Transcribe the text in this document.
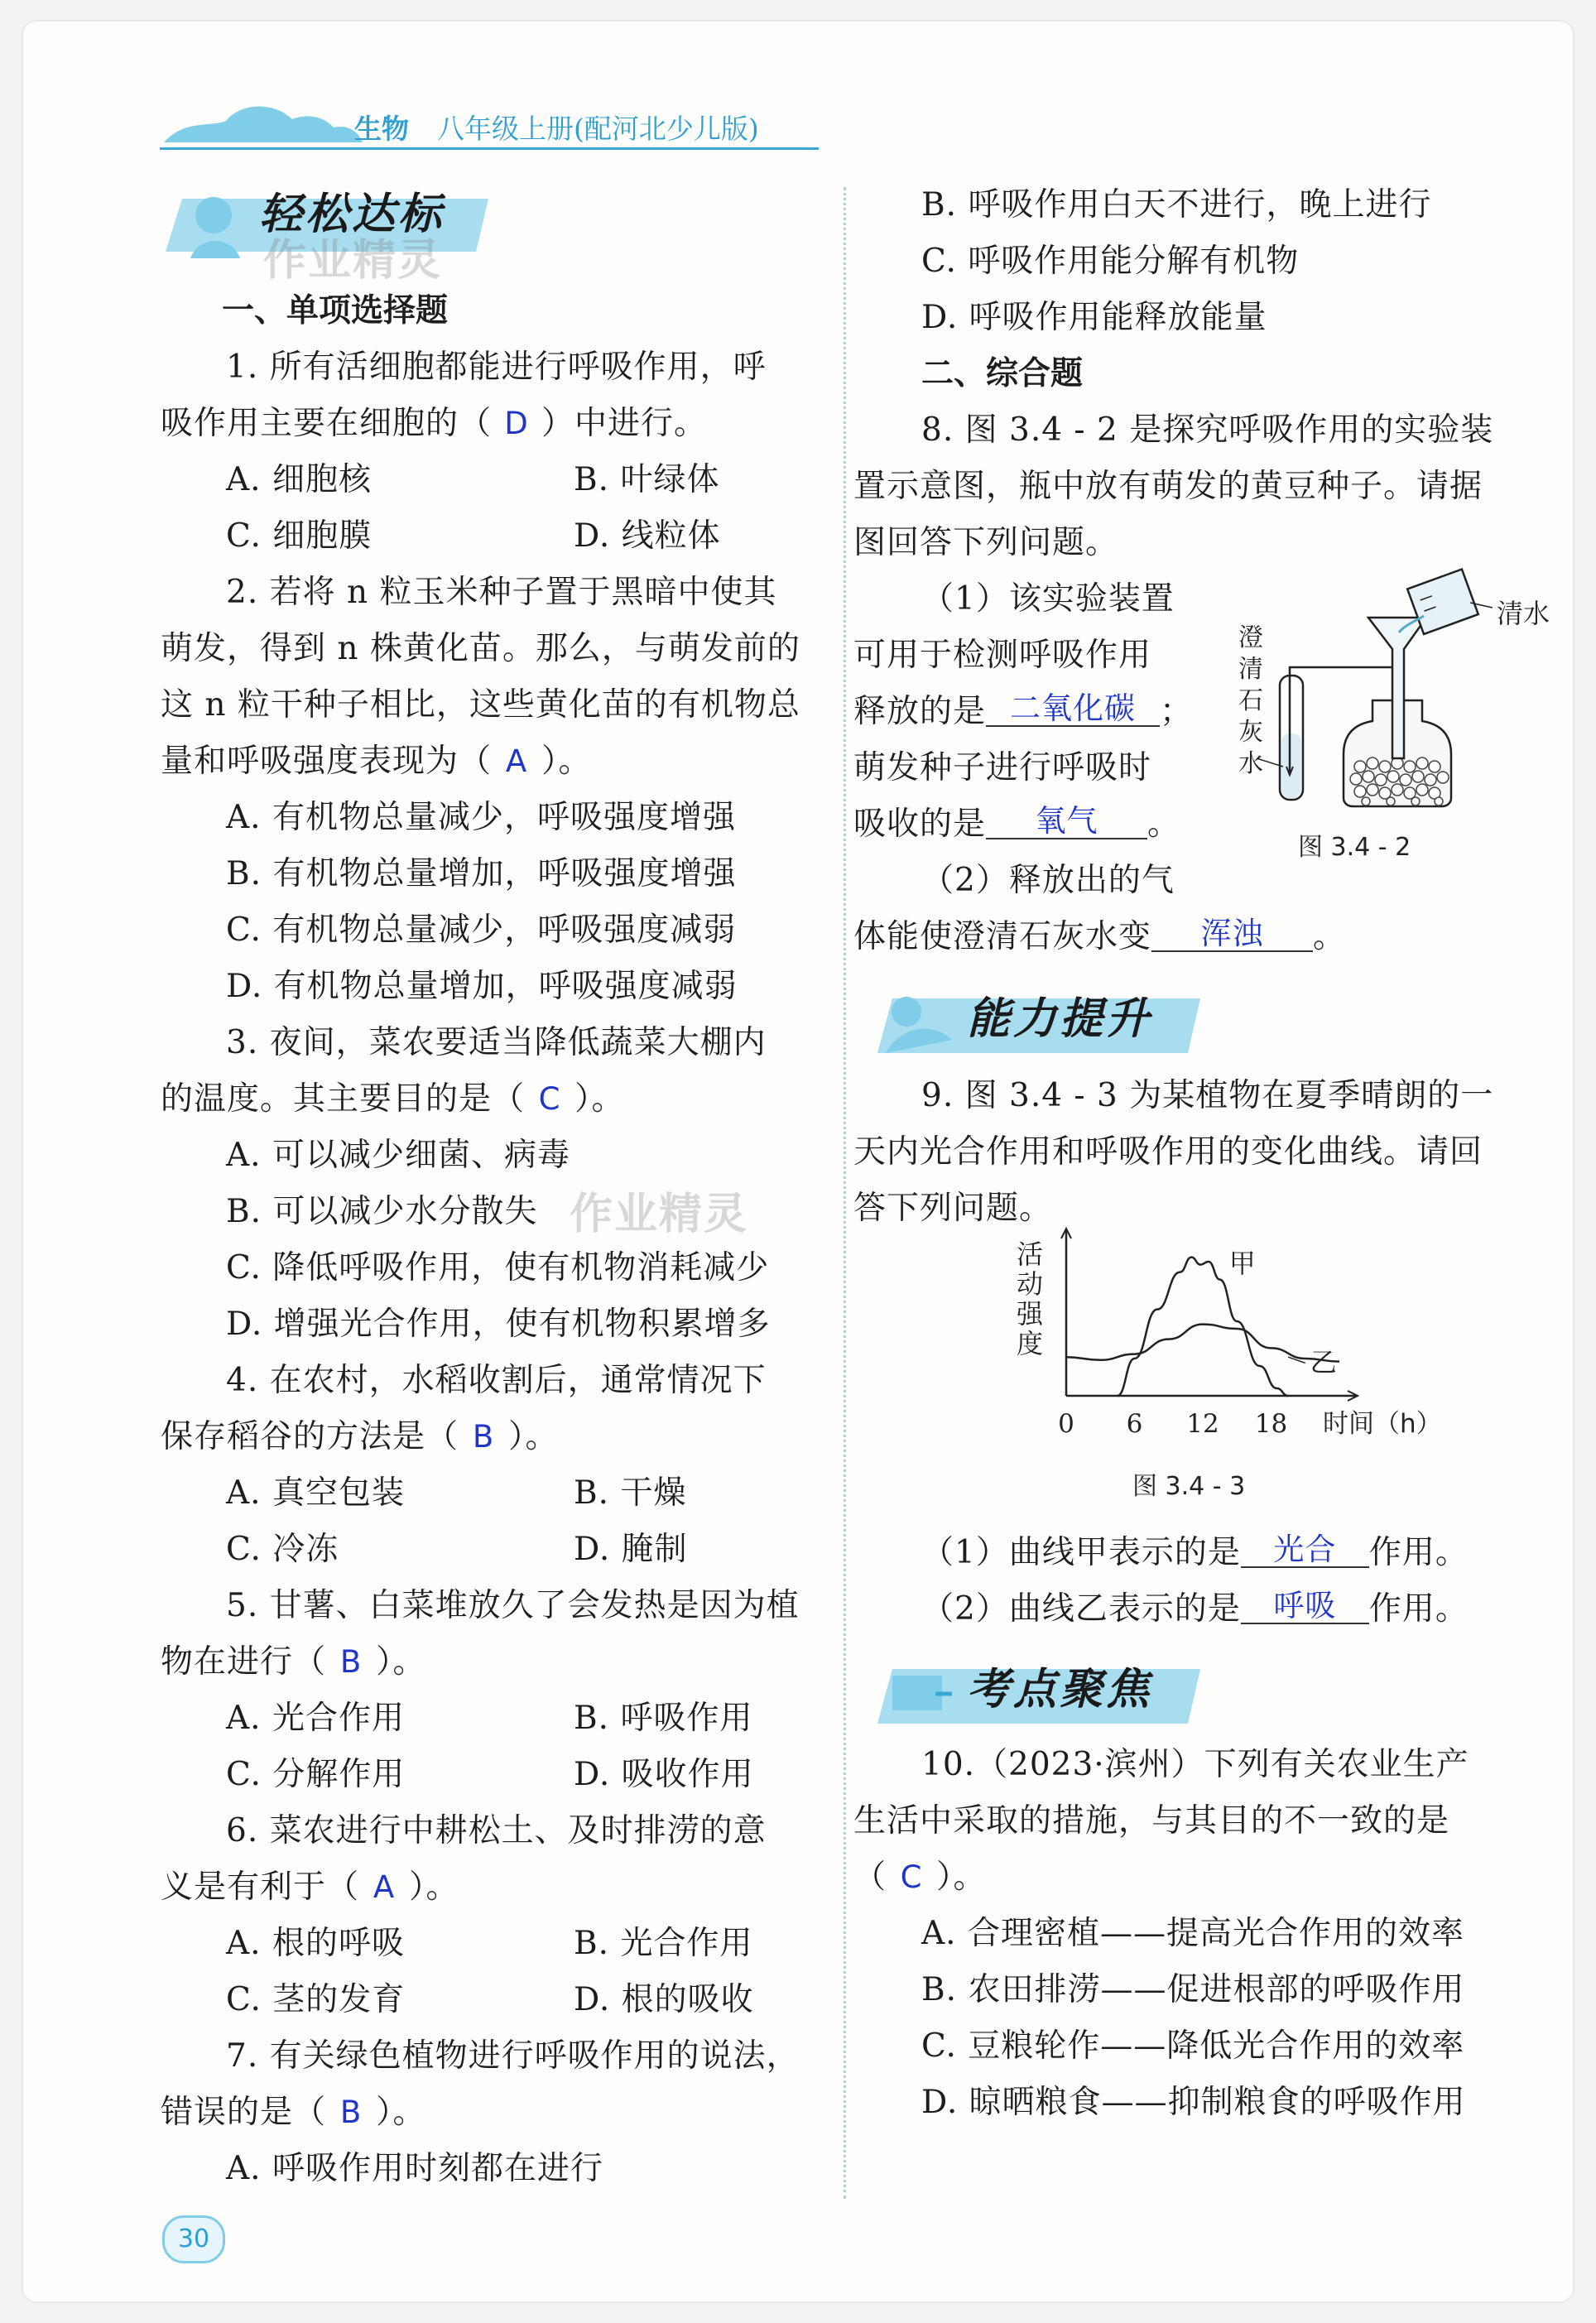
生物 八年级上册(配河北少儿版)
轻松达标
作业精灵
一、单项选择题
1. 所有活细胞都能进行呼吸作用，呼
吸作用主要在细胞的（ D ）中进行。
A. 细胞核	B. 叶绿体
C. 细胞膜	D. 线粒体
2. 若将 n 粒玉米种子置于黑暗中使其
萌发，得到 n 株黄化苗。那么，与萌发前的
这 n 粒干种子相比，这些黄化苗的有机物总
量和呼吸强度表现为（ A ）。
A. 有机物总量减少，呼吸强度增强
B. 有机物总量增加，呼吸强度增强
C. 有机物总量减少，呼吸强度减弱
D. 有机物总量增加，呼吸强度减弱
3. 夜间，菜农要适当降低蔬菜大棚内
的温度。其主要目的是（ C ）。
A. 可以减少细菌、病毒
B. 可以减少水分散失 作业精灵
C. 降低呼吸作用，使有机物消耗减少
D. 增强光合作用，使有机物积累增多
4. 在农村，水稻收割后，通常情况下
保存稻谷的方法是（ B ）。
A. 真空包装	B. 干燥
C. 冷冻	D. 腌制
5. 甘薯、白菜堆放久了会发热是因为植
物在进行（ B ）。
A. 光合作用	B. 呼吸作用
C. 分解作用	D. 吸收作用
6. 菜农进行中耕松土、及时排涝的意
义是有利于（ A ）。
A. 根的呼吸	B. 光合作用
C. 茎的发育	D. 根的吸收
7. 有关绿色植物进行呼吸作用的说法，
错误的是（ B ）。
A. 呼吸作用时刻都在进行
30
B. 呼吸作用白天不进行，晚上进行
C. 呼吸作用能分解有机物
D. 呼吸作用能释放能量
二、综合题
8. 图 3.4 - 2 是探究呼吸作用的实验装
置示意图，瓶中放有萌发的黄豆种子。请据
图回答下列问题。
（1）该实验装置
可用于检测呼吸作用
释放的是 二氧化碳 ；
萌发种子进行呼吸时
吸收的是 氧气 。
（2）释放出的气
体能使澄清石灰水变 浑浊 。
清水
澄
清
石
灰
水
图 3.4 - 2
能力提升
9. 图 3.4 - 3 为某植物在夏季晴朗的一
天内光合作用和呼吸作用的变化曲线。请回
答下列问题。
活
动
强
度
0 6 12 18 时间（h）
甲
乙
图 3.4 - 3
（1）曲线甲表示的是 光合 作用。
（2）曲线乙表示的是 呼吸 作用。
考点聚焦
10.（2023·滨州）下列有关农业生产
生活中采取的措施，与其目的不一致的是
（ C ）。
A. 合理密植——提高光合作用的效率
B. 农田排涝——促进根部的呼吸作用
C. 豆粮轮作——降低光合作用的效率
D. 晾晒粮食——抑制粮食的呼吸作用
